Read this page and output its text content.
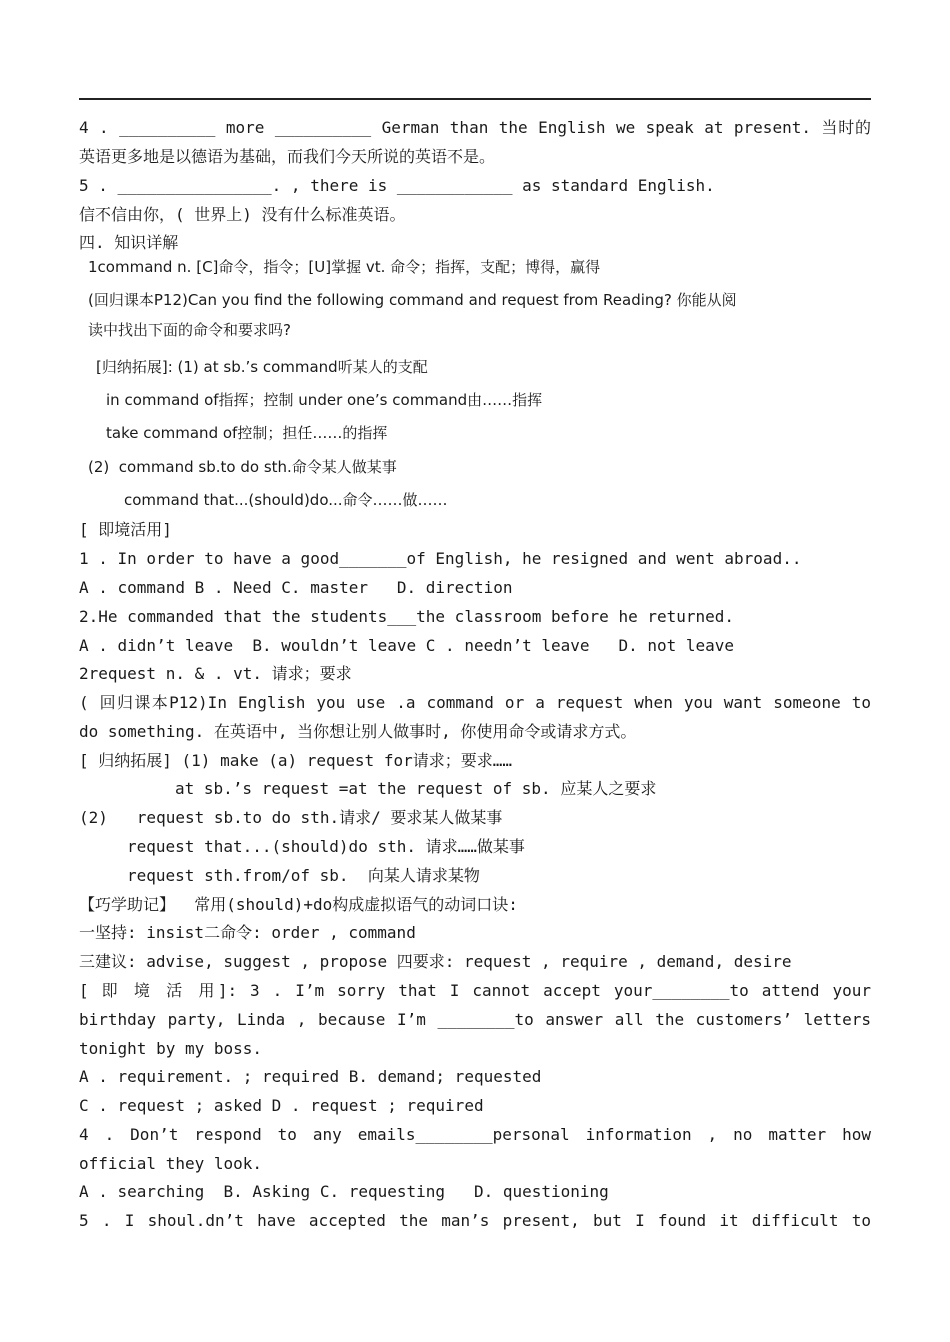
4 . __________ more __________ German than the English we speak at present. 当时的
英语更多地是以德语为基础，而我们今天所说的英语不是。
5 . ________________. , there is ____________ as standard English.
信不信由你，( 世界上) 没有什么标准英语。
四. 知识详解
1command n. [C]命令，指令；[U]掌握 vt. 命令；指挥，支配；博得，赢得
(回归课本P12)Can you find the following command and request from Reading? 你能从阅
读中找出下面的命令和要求吗?
[归纳拓展]: (1) at sb.’s command听某人的支配
in command of指挥；控制 under one’s command由……指挥
take command of控制；担任……的指挥
(2)  command sb.to do sth.命令某人做某事
command that...(should)do...命令……做……
[ 即境活用]
1 . In order to have a good_______of English, he resigned and went abroad..
A . command B . Need C. master   D. direction
2.He commanded that the students___the classroom before he returned.
A . didn’t leave  B. wouldn’t leave C . needn’t leave   D. not leave
2request n. & . vt. 请求；要求
( 回归课本P12)In English you use .a command or a request when you want someone to
do something. 在英语中, 当你想让别人做事时, 你使用命令或请求方式。
[ 归纳拓展] (1) make (a) request for请求；要求……
at sb.’s request =at the request of sb. 应某人之要求
(2)   request sb.to do sth.请求/ 要求某人做某事
request that...(should)do sth. 请求……做某事
request sth.from/of sb.  向某人请求某物
【巧学助记】  常用(should)+do构成虚拟语气的动词口诀:
一坚持: insist二命令: order , command
三建议: advise, suggest , propose 四要求: request , require , demand, desire
[ 即 境 活 用]: 3 . I’m sorry that I cannot accept your________to attend your
birthday party, Linda , because I’m ________to answer all the customers’ letters
tonight by my boss.
A . requirement. ; required B. demand; requested
C . request ; asked D . request ; required
4 . Don’t respond to any emails________personal information , no matter how
official they look.
A . searching  B. Asking C. requesting   D. questioning
5 . I shoul.dn’t have accepted the man’s present, but I found it difficult to
